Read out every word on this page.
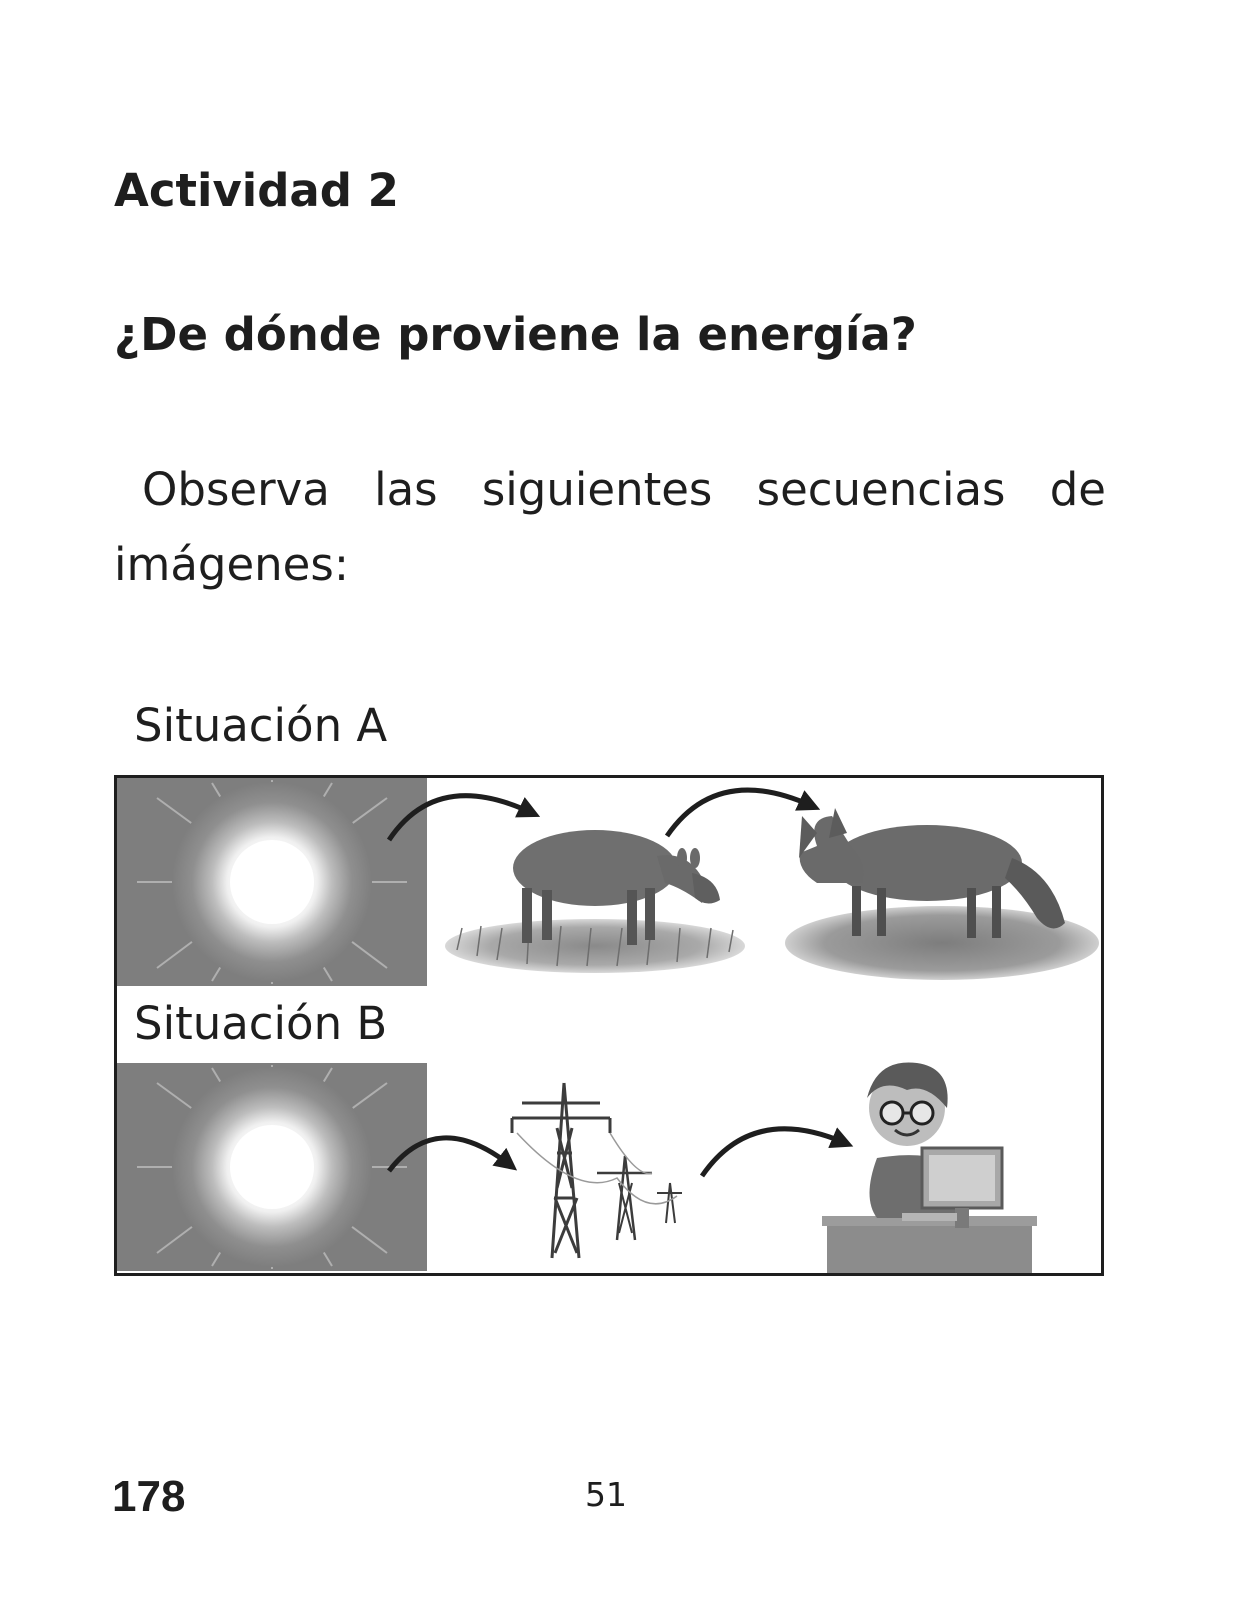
Actividad 2
¿De dónde proviene la energía?

Observa las siguientes secuencias de imágenes:

Situación A

Situación B

178	51
